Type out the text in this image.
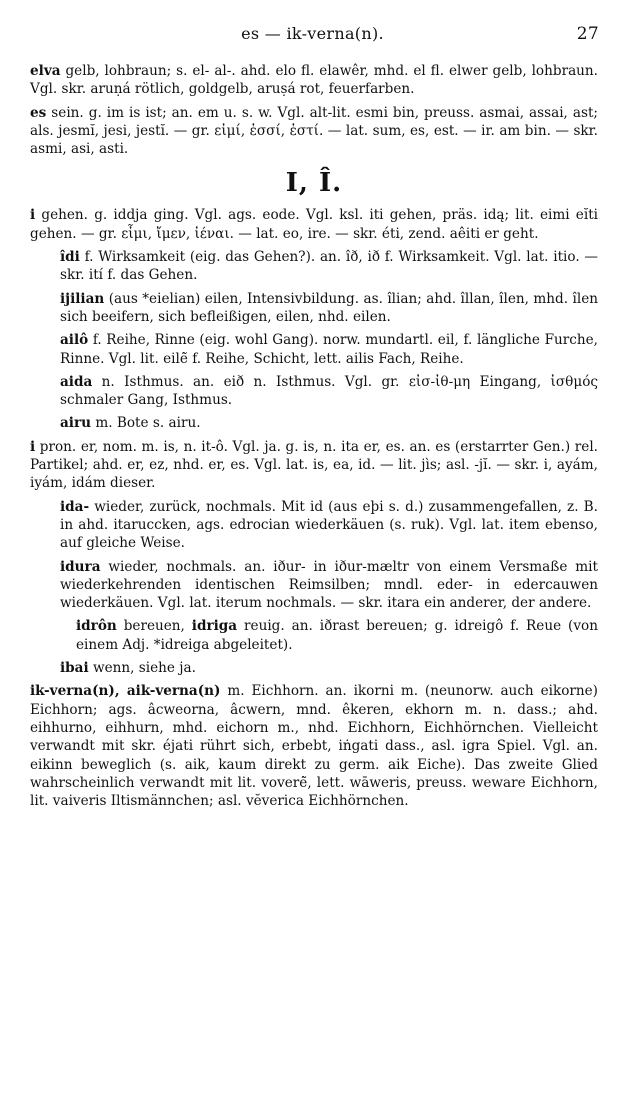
es — ik-verna(n).	27

elva gelb, lohbraun; s. el- al-. ahd. elo fl. elawêr, mhd. el fl. elwer gelb, lohbraun. Vgl. skr. aruṇá rötlich, goldgelb, aruṣá rot, feuerfarben.

es sein. g. im is ist; an. em u. s. w. Vgl. alt-lit. esmi bin, preuss. asmai, assai, ast; als. jesmĭ, jesi, jestĭ. — gr. εἰμί, ἐσσί, ἐστί. — lat. sum, es, est. — ir. am bin. — skr. asmi, asi, asti.

I, Î.

i gehen. g. iddja ging. Vgl. ags. eode. Vgl. ksl. iti gehen, präs. idą; lit. eimi eĭti gehen. — gr. εἶμι, ἴμεν, ἰέναι. — lat. eo, ire. — skr. éti, zend. aêiti er geht.

îdi f. Wirksamkeit (eig. das Gehen?). an. îð, ið f. Wirksamkeit. Vgl. lat. itio. — skr. ití f. das Gehen.

ijilian (aus *eielian) eilen, Intensivbildung. as. îlian; ahd. îllan, îlen, mhd. îlen sich beeifern, sich befleißigen, eilen, nhd. eilen.

ailô f. Reihe, Rinne (eig. wohl Gang). norw. mundartl. eil, f. längliche Furche, Rinne. Vgl. lit. eilė̃ f. Reihe, Schicht, lett. ailis Fach, Reihe.

aida n. Isthmus. an. eið n. Isthmus. Vgl. gr. εἰσ-ἰθ-μη Eingang, ἰσθμός schmaler Gang, Isthmus.

airu m. Bote s. airu.

i pron. er, nom. m. is, n. it-ô. Vgl. ja. g. is, n. ita er, es. an. es (erstarrter Gen.) rel. Partikel; ahd. er, ez, nhd. er, es. Vgl. lat. is, ea, id. — lit. jìs; asl. -jĭ. — skr. i, ayám, iyám, idám dieser.

ida- wieder, zurück, nochmals. Mit id (aus eþi s. d.) zusammengefallen, z. B. in ahd. itaruccken, ags. edrocian wiederkäuen (s. ruk). Vgl. lat. item ebenso, auf gleiche Weise.

idura wieder, nochmals. an. iður- in iður-mæltr von einem Versmaße mit wiederkehrenden identischen Reimsilben; mndl. eder- in edercauwen wiederkäuen. Vgl. lat. iterum nochmals. — skr. itara ein anderer, der andere.

idrôn bereuen, idriga reuig. an. iðrast bereuen; g. idreigô f. Reue (von einem Adj. *idreiga abgeleitet).

ibai wenn, siehe ja.

ik-verna(n), aik-verna(n) m. Eichhorn. an. ikorni m. (neunorw. auch eikorne) Eichhorn; ags. âcweorna, âcwern, mnd. êkeren, ekhorn m. n. dass.; ahd. eihhurno, eihhurn, mhd. eichorn m., nhd. Eichhorn, Eichhörnchen. Vielleicht verwandt mit skr. éjati rührt sich, erbebt, iṅgati dass., asl. igra Spiel. Vgl. an. eikinn beweglich (s. aik, kaum direkt zu germ. aik Eiche). Das zweite Glied wahrscheinlich verwandt mit lit. voverė̃, lett. wāweris, preuss. weware Eichhorn, lit. vaiveris Iltismännchen; asl. vĕverica Eichhörnchen.
